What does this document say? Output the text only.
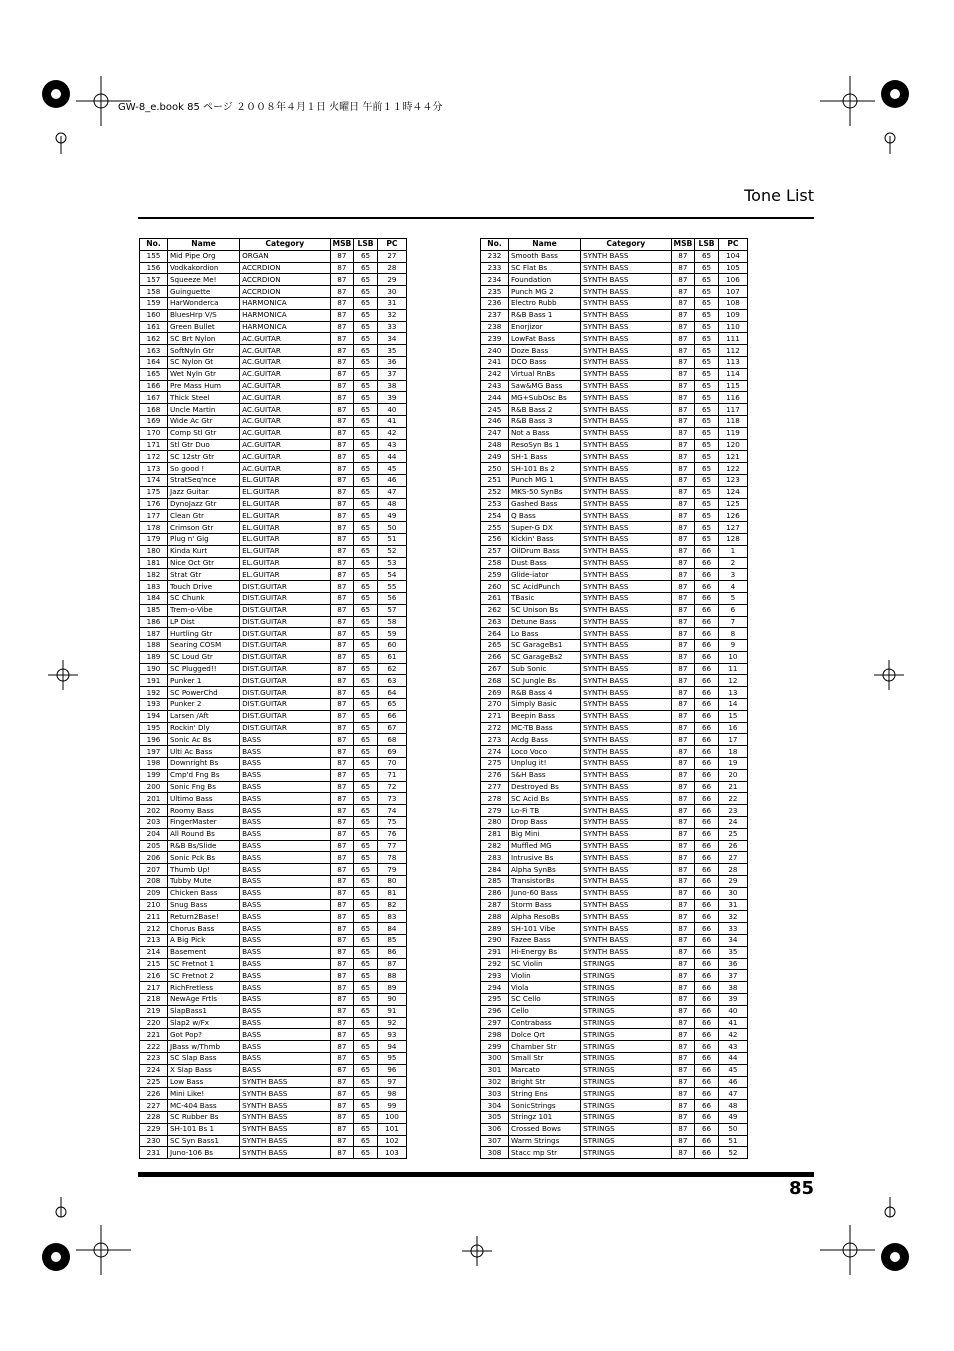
GW-8_e.book 85 ページ ２００８年４月１日 火曜日 午前１１時４４分
Tone List
No.	Name	Category	MSB	LSB	PC
155	Mid Pipe Org	ORGAN	87	65	27
156	Vodkakordion	ACCRDION	87	65	28
157	Squeeze Me!	ACCRDION	87	65	29
158	Guinguette	ACCRDION	87	65	30
159	HarWonderca	HARMONICA	87	65	31
160	BluesHrp V/S	HARMONICA	87	65	32
161	Green Bullet	HARMONICA	87	65	33
162	SC Brt Nylon	AC.GUITAR	87	65	34
163	SoftNyln Gtr	AC.GUITAR	87	65	35
164	SC Nylon Gt	AC.GUITAR	87	65	36
165	Wet Nyln Gtr	AC.GUITAR	87	65	37
166	Pre Mass Hum	AC.GUITAR	87	65	38
167	Thick Steel	AC.GUITAR	87	65	39
168	Uncle Martin	AC.GUITAR	87	65	40
169	Wide Ac Gtr	AC.GUITAR	87	65	41
170	Comp Stl Gtr	AC.GUITAR	87	65	42
171	Stl Gtr Duo	AC.GUITAR	87	65	43
172	SC 12str Gtr	AC.GUITAR	87	65	44
173	So good !	AC.GUITAR	87	65	45
174	StratSeq'nce	EL.GUITAR	87	65	46
175	Jazz Guitar	EL.GUITAR	87	65	47
176	DynoJazz Gtr	EL.GUITAR	87	65	48
177	Clean Gtr	EL.GUITAR	87	65	49
178	Crimson Gtr	EL.GUITAR	87	65	50
179	Plug n' Gig	EL.GUITAR	87	65	51
180	Kinda Kurt	EL.GUITAR	87	65	52
181	Nice Oct Gtr	EL.GUITAR	87	65	53
182	Strat Gtr	EL.GUITAR	87	65	54
183	Touch Drive	DIST.GUITAR	87	65	55
184	SC Chunk	DIST.GUITAR	87	65	56
185	Trem-o-Vibe	DIST.GUITAR	87	65	57
186	LP Dist	DIST.GUITAR	87	65	58
187	Hurtling Gtr	DIST.GUITAR	87	65	59
188	Searing COSM	DIST.GUITAR	87	65	60
189	SC Loud Gtr	DIST.GUITAR	87	65	61
190	SC Plugged!!	DIST.GUITAR	87	65	62
191	Punker 1	DIST.GUITAR	87	65	63
192	SC PowerChd	DIST.GUITAR	87	65	64
193	Punker 2	DIST.GUITAR	87	65	65
194	Larsen /Aft	DIST.GUITAR	87	65	66
195	Rockin' Dly	DIST.GUITAR	87	65	67
196	Sonic Ac Bs	BASS	87	65	68
197	Ulti Ac Bass	BASS	87	65	69
198	Downright Bs	BASS	87	65	70
199	Cmp'd Fng Bs	BASS	87	65	71
200	Sonic Fng Bs	BASS	87	65	72
201	Ultimo Bass	BASS	87	65	73
202	Roomy Bass	BASS	87	65	74
203	FingerMaster	BASS	87	65	75
204	All Round Bs	BASS	87	65	76
205	R&B Bs/Slide	BASS	87	65	77
206	Sonic Pck Bs	BASS	87	65	78
207	Thumb Up!	BASS	87	65	79
208	Tubby Mute	BASS	87	65	80
209	Chicken Bass	BASS	87	65	81
210	Snug Bass	BASS	87	65	82
211	Return2Base!	BASS	87	65	83
212	Chorus Bass	BASS	87	65	84
213	A Big Pick	BASS	87	65	85
214	Basement	BASS	87	65	86
215	SC Fretnot 1	BASS	87	65	87
216	SC Fretnot 2	BASS	87	65	88
217	RichFretless	BASS	87	65	89
218	NewAge Frtls	BASS	87	65	90
219	SlapBass1	BASS	87	65	91
220	Slap2 w/Fx	BASS	87	65	92
221	Got Pop?	BASS	87	65	93
222	JBass w/Thmb	BASS	87	65	94
223	SC Slap Bass	BASS	87	65	95
224	X Slap Bass	BASS	87	65	96
225	Low Bass	SYNTH BASS	87	65	97
226	Mini Like!	SYNTH BASS	87	65	98
227	MC-404 Bass	SYNTH BASS	87	65	99
228	SC Rubber Bs	SYNTH BASS	87	65	100
229	SH-101 Bs 1	SYNTH BASS	87	65	101
230	SC Syn Bass1	SYNTH BASS	87	65	102
231	Juno-106 Bs	SYNTH BASS	87	65	103
No.	Name	Category	MSB	LSB	PC
232	Smooth Bass	SYNTH BASS	87	65	104
233	SC Flat Bs	SYNTH BASS	87	65	105
234	Foundation	SYNTH BASS	87	65	106
235	Punch MG 2	SYNTH BASS	87	65	107
236	Electro Rubb	SYNTH BASS	87	65	108
237	R&B Bass 1	SYNTH BASS	87	65	109
238	Enorjizor	SYNTH BASS	87	65	110
239	LowFat Bass	SYNTH BASS	87	65	111
240	Doze Bass	SYNTH BASS	87	65	112
241	DCO Bass	SYNTH BASS	87	65	113
242	Virtual RnBs	SYNTH BASS	87	65	114
243	Saw&MG Bass	SYNTH BASS	87	65	115
244	MG+SubOsc Bs	SYNTH BASS	87	65	116
245	R&B Bass 2	SYNTH BASS	87	65	117
246	R&B Bass 3	SYNTH BASS	87	65	118
247	Not a Bass	SYNTH BASS	87	65	119
248	ResoSyn Bs 1	SYNTH BASS	87	65	120
249	SH-1 Bass	SYNTH BASS	87	65	121
250	SH-101 Bs 2	SYNTH BASS	87	65	122
251	Punch MG 1	SYNTH BASS	87	65	123
252	MKS-50 SynBs	SYNTH BASS	87	65	124
253	Gashed Bass	SYNTH BASS	87	65	125
254	Q Bass	SYNTH BASS	87	65	126
255	Super-G DX	SYNTH BASS	87	65	127
256	Kickin' Bass	SYNTH BASS	87	65	128
257	OilDrum Bass	SYNTH BASS	87	66	1
258	Dust Bass	SYNTH BASS	87	66	2
259	Glide-iator	SYNTH BASS	87	66	3
260	SC AcidPunch	SYNTH BASS	87	66	4
261	TBasic	SYNTH BASS	87	66	5
262	SC Unison Bs	SYNTH BASS	87	66	6
263	Detune Bass	SYNTH BASS	87	66	7
264	Lo Bass	SYNTH BASS	87	66	8
265	SC GarageBs1	SYNTH BASS	87	66	9
266	SC GarageBs2	SYNTH BASS	87	66	10
267	Sub Sonic	SYNTH BASS	87	66	11
268	SC Jungle Bs	SYNTH BASS	87	66	12
269	R&B Bass 4	SYNTH BASS	87	66	13
270	Simply Basic	SYNTH BASS	87	66	14
271	Beepin Bass	SYNTH BASS	87	66	15
272	MC-TB Bass	SYNTH BASS	87	66	16
273	Acdg Bass	SYNTH BASS	87	66	17
274	Loco Voco	SYNTH BASS	87	66	18
275	Unplug it!	SYNTH BASS	87	66	19
276	S&H Bass	SYNTH BASS	87	66	20
277	Destroyed Bs	SYNTH BASS	87	66	21
278	SC Acid Bs	SYNTH BASS	87	66	22
279	Lo-Fi TB	SYNTH BASS	87	66	23
280	Drop Bass	SYNTH BASS	87	66	24
281	Big Mini	SYNTH BASS	87	66	25
282	Muffled MG	SYNTH BASS	87	66	26
283	Intrusive Bs	SYNTH BASS	87	66	27
284	Alpha SynBs	SYNTH BASS	87	66	28
285	TransistorBs	SYNTH BASS	87	66	29
286	Juno-60 Bass	SYNTH BASS	87	66	30
287	Storm Bass	SYNTH BASS	87	66	31
288	Alpha ResoBs	SYNTH BASS	87	66	32
289	SH-101 Vibe	SYNTH BASS	87	66	33
290	Fazee Bass	SYNTH BASS	87	66	34
291	Hi-Energy Bs	SYNTH BASS	87	66	35
292	SC Violin	STRINGS	87	66	36
293	Violin	STRINGS	87	66	37
294	Viola	STRINGS	87	66	38
295	SC Cello	STRINGS	87	66	39
296	Cello	STRINGS	87	66	40
297	Contrabass	STRINGS	87	66	41
298	Dolce Qrt	STRINGS	87	66	42
299	Chamber Str	STRINGS	87	66	43
300	Small Str	STRINGS	87	66	44
301	Marcato	STRINGS	87	66	45
302	Bright Str	STRINGS	87	66	46
303	String Ens	STRINGS	87	66	47
304	SonicStrings	STRINGS	87	66	48
305	Stringz 101	STRINGS	87	66	49
306	Crossed Bows	STRINGS	87	66	50
307	Warm Strings	STRINGS	87	66	51
308	Stacc mp Str	STRINGS	87	66	52
85
